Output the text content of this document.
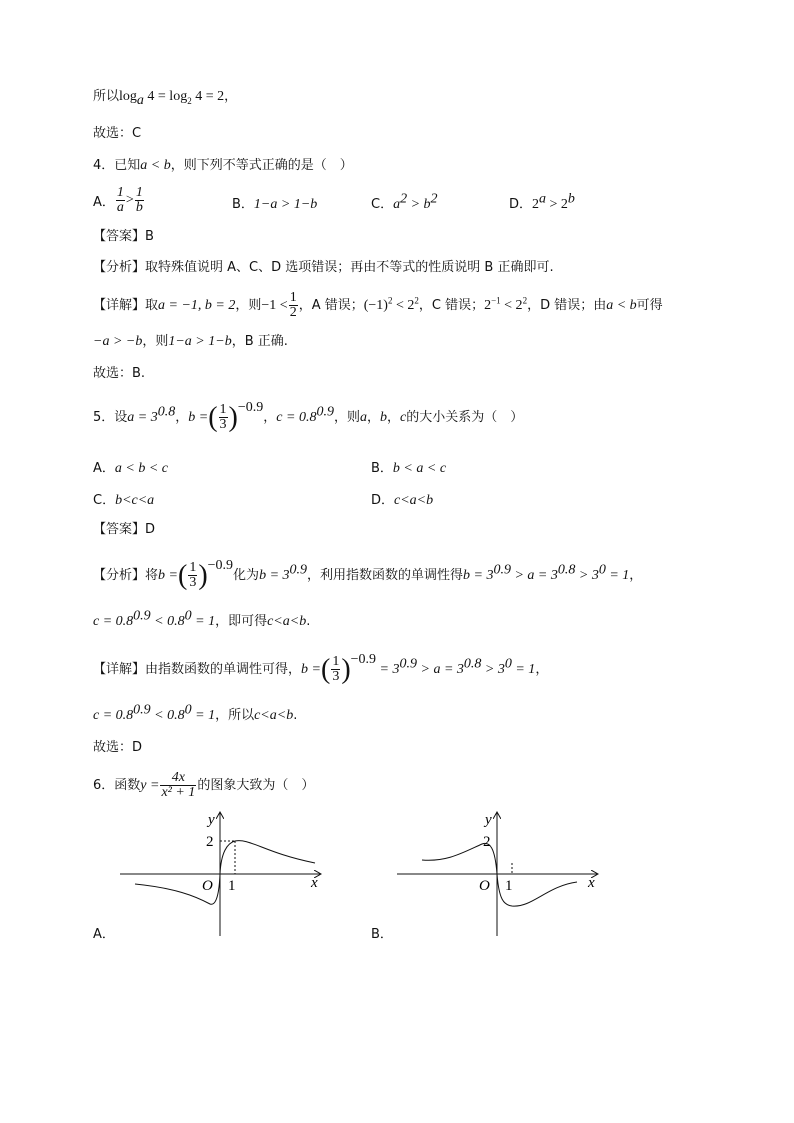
所以$\log_a 4 = \log_2 4 = 2$，
故选：C
4．已知a < b，则下列不等式正确的是（　）
A． $\frac{1}{a} > \frac{1}{b}$	B．1−a > 1−b	C．$a^2 > b^2$	D．$2^a > 2^b$
【答案】B
【分析】取特殊值说明 A、C、D 选项错误；再由不等式的性质说明 B 正确即可.
【详解】取a = −1, b = 2，则$-1 < \frac{1}{2}$ ，A 错误；$(-1)^2 < 2^2$，C 错误；$2^{-1} < 2^2$，D 错误；由a < b可得
−a > −b，则1−a > 1−b，B 正确.
故选：B.
5．设$a = 3^{0.8}$，b = ( $\frac{1}{3} )^{-0.9}$
，$c = 0.8^{0.9}$，则a，b，c的大小关系为（　）
A．a < b < c	B．b < a < c
C．b<c<a	D．c<a<b
【答案】D
【分析】将b = ( $\frac{1}{3} )^{-0.9}$
化为$b = 3^{0.9}$，利用指数函数的单调性得$b = 3^{0.9} > a = 3^{0.8} > 3^0 = 1$，
$c = 0.8^{0.9} < 0.8^0 = 1$，即可得c<a<b.
【详解】由指数函数的单调性可得，b = ( $\frac{1}{3} )^{-0.9}$
= $3^{0.9} > a = 3^{0.8} > 3^0 = 1$，
$c = 0.8^{0.9} < 0.8^0 = 1$，所以c<a<b.
故选：D
6．函数$y = \frac{4x}{\text{x² + 1}}$ 的图象大致为（　）
y
x
O
2
1
A．
y
x
O
2
1
B．
